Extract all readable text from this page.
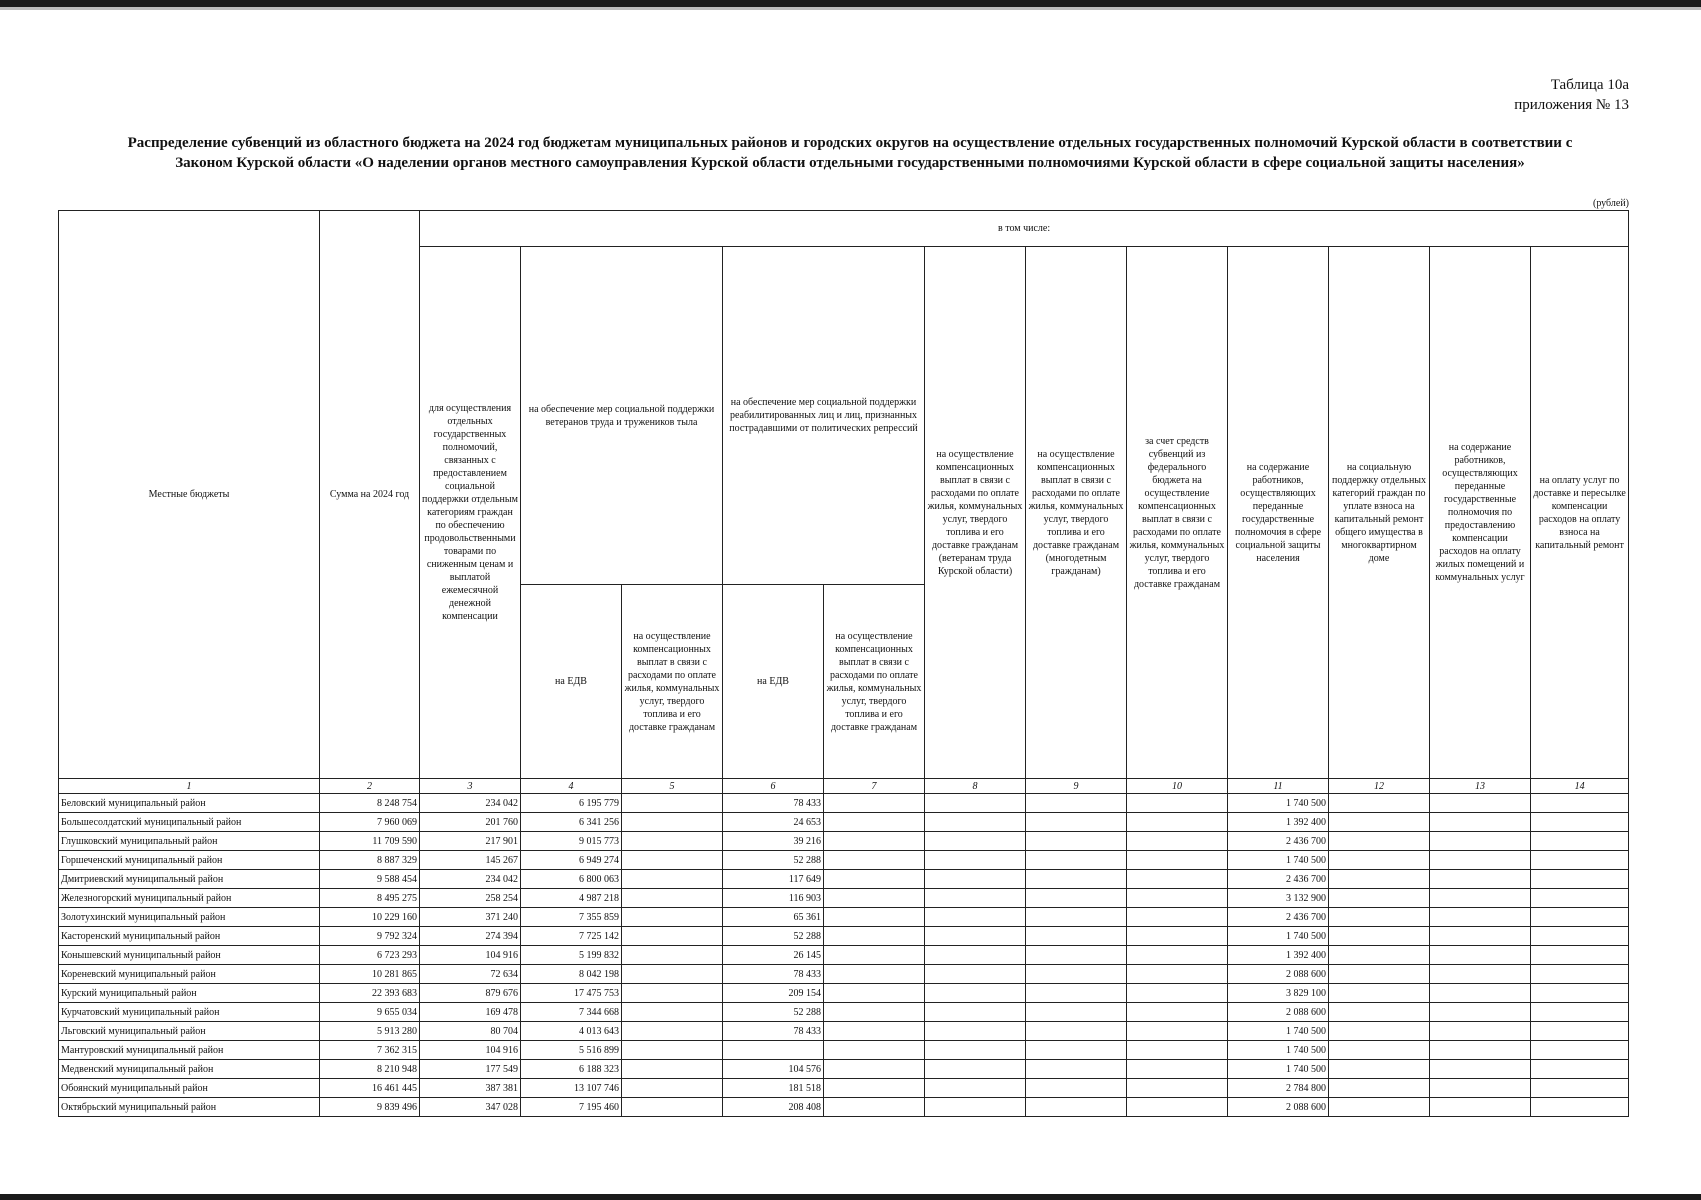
Таблица 10а
приложения № 13
Распределение субвенций из областного бюджета на 2024 год бюджетам муниципальных районов и городских округов на осуществление отдельных государственных полномочий Курской области в соответствии с Законом Курской области «О наделении органов местного самоуправления Курской области отдельными государственными полномочиями Курской области в сфере социальной защиты населения»
(рублей)
Местные бюджеты	Сумма на 2024 год	в том числе:											
		для осуществления отдельных государственных полномочий, связанных с предоставлением социальной поддержки отдельным категориям граждан по обеспечению продовольственными товарами по сниженным ценам и выплатой ежемесячной денежной компенсации	на обеспечение мер социальной поддержки ветеранов труда и тружеников тыла		на обеспечение мер социальной поддержки реабилитированных лиц и лиц, признанных пострадавшими от политических репрессий		на осуществление компенсационных выплат в связи с расходами по оплате жилья, коммунальных услуг, твердого топлива и его доставке гражданам (ветеранам труда Курской области)	на осуществление компенсационных выплат в связи с расходами по оплате жилья, коммунальных услуг, твердого топлива и его доставке гражданам (многодетным гражданам)	за счет средств субвенций из федерального бюджета на осуществление компенсационных выплат в связи с расходами по оплате жилья, коммунальных услуг, твердого топлива и его доставке гражданам	на содержание работников, осуществляющих переданные государственные полномочия в сфере социальной защиты населения	на социальную поддержку отдельных категорий граждан по уплате взноса на капитальный ремонт общего имущества в многоквартирном доме	на содержание работников, осуществляющих переданные государственные полномочия по предоставлению компенсации расходов на оплату жилых помещений и коммунальных услуг	на оплату услуг по доставке и пересылке компенсации расходов на оплату взноса на капитальный ремонт
			на ЕДВ	на осуществление компенсационных выплат в связи с расходами по оплате жилья, коммунальных услуг, твердого топлива и его доставке гражданам	на ЕДВ	на осуществление компенсационных выплат в связи с расходами по оплате жилья, коммунальных услуг, твердого топлива и его доставке гражданам							
1	2	3	4	5	6	7	8	9	10	11	12	13	14
Беловский муниципальный район	8 248 754	234 042	6 195 779		78 433					1 740 500			
Большесолдатский муниципальный район	7 960 069	201 760	6 341 256		24 653					1 392 400			
Глушковский муниципальный район	11 709 590	217 901	9 015 773		39 216					2 436 700			
Горшеченский муниципальный район	8 887 329	145 267	6 949 274		52 288					1 740 500			
Дмитриевский муниципальный район	9 588 454	234 042	6 800 063		117 649					2 436 700			
Железногорский муниципальный район	8 495 275	258 254	4 987 218		116 903					3 132 900			
Золотухинский муниципальный район	10 229 160	371 240	7 355 859		65 361					2 436 700			
Касторенский муниципальный район	9 792 324	274 394	7 725 142		52 288					1 740 500			
Конышевский муниципальный район	6 723 293	104 916	5 199 832		26 145					1 392 400			
Кореневский муниципальный район	10 281 865	72 634	8 042 198		78 433					2 088 600			
Курский муниципальный район	22 393 683	879 676	17 475 753		209 154					3 829 100			
Курчатовский муниципальный район	9 655 034	169 478	7 344 668		52 288					2 088 600			
Льговский муниципальный район	5 913 280	80 704	4 013 643		78 433					1 740 500			
Мантуровский муниципальный район	7 362 315	104 916	5 516 899							1 740 500			
Медвенский муниципальный район	8 210 948	177 549	6 188 323		104 576					1 740 500			
Обоянский муниципальный район	16 461 445	387 381	13 107 746		181 518					2 784 800			
Октябрьский муниципальный район	9 839 496	347 028	7 195 460		208 408					2 088 600			
